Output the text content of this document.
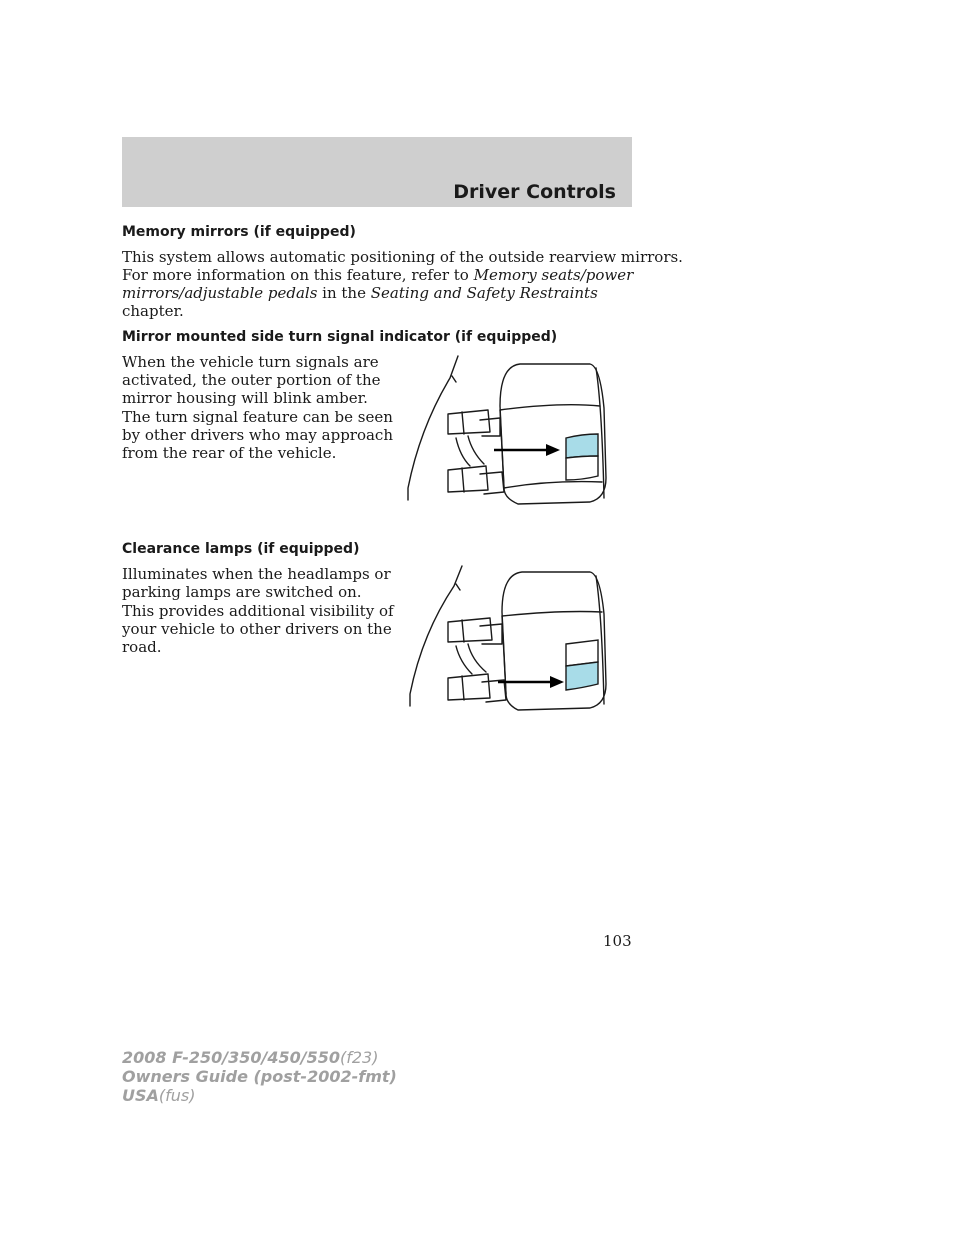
Driver Controls
Memory mirrors (if equipped)
This system allows automatic positioning of the outside rearview mirrors.
For more information on this feature, refer to Memory seats/power
mirrors/adjustable pedals in the Seating and Safety Restraints
chapter.
Mirror mounted side turn signal indicator (if equipped)
When the vehicle turn signals are
activated, the outer portion of the
mirror housing will blink amber.
The turn signal feature can be seen
by other drivers who may approach
from the rear of the vehicle.
Clearance lamps (if equipped)
Illuminates when the headlamps or
parking lamps are switched on.
This provides additional visibility of
your vehicle to other drivers on the
road.
103
2008 F-250/350/450/550(f23)
Owners Guide (post-2002-fmt)
USA(fus)
